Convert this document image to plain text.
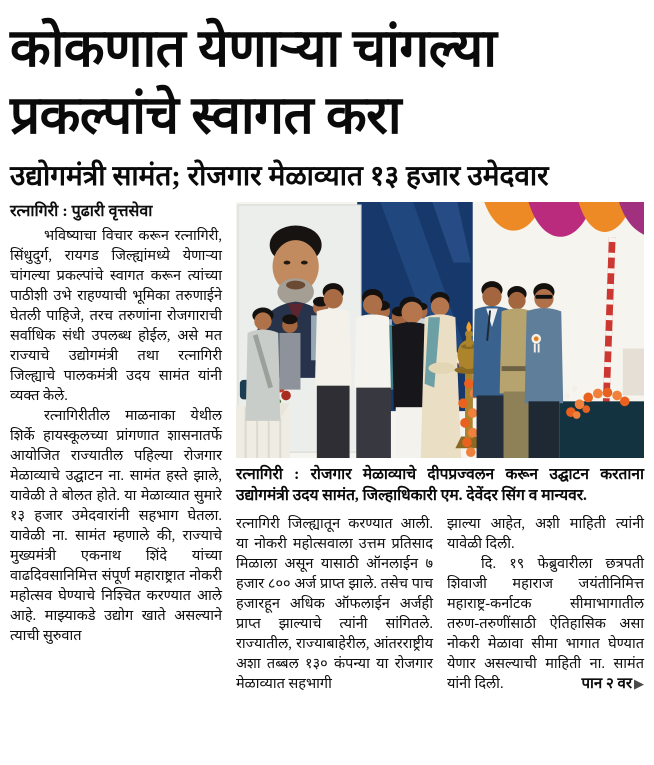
कोकणात येणाऱ्या चांगल्या
प्रकल्पांचे स्वागत करा
उद्योगमंत्री सामंत; रोजगार मेळाव्यात १३ हजार उमेदवार

रत्नागिरी : पुढारी वृत्तसेवा

भविष्याचा विचार करून रत्नागिरी, सिंधुदुर्ग, रायगड जिल्ह्यांमध्ये येणाऱ्या चांगल्या प्रकल्पांचे स्वागत करून त्यांच्या पाठीशी उभे राहण्याची भूमिका तरुणाईने घेतली पाहिजे, तरच तरुणांना रोजगाराची सर्वाधिक संधी उपलब्ध होईल, असे मत राज्याचे उद्योगमंत्री तथा रत्नागिरी जिल्ह्याचे पालकमंत्री उदय सामंत यांनी व्यक्त केले.

रत्नागिरीतील माळनाका येथील शिर्के हायस्कूलच्या प्रांगणात शासनातर्फे आयोजित राज्यातील पहिल्या रोजगार मेळाव्याचे उद्घाटन ना. सामंत हस्ते झाले, यावेळी ते बोलत होते. या मेळाव्यात सुमारे १३ हजार उमेदवारांनी सहभाग घेतला. यावेळी ना. सामंत म्हणाले की, राज्याचे मुख्यमंत्री एकनाथ शिंदे यांच्या वाढदिवसानिमित्त संपूर्ण महाराष्ट्रात नोकरी महोत्सव घेण्याचे निश्चित करण्यात आले आहे. माझ्याकडे उद्योग खाते असल्याने त्याची सुरुवात

रत्नागिरी : रोजगार मेळाव्याचे दीपप्रज्वलन करून उद्घाटन करताना उद्योगमंत्री उदय सामंत, जिल्हाधिकारी एम. देवेंदर सिंग व मान्यवर.

रत्नागिरी जिल्ह्यातून करण्यात आली. या नोकरी महोत्सवाला उत्तम प्रतिसाद मिळाला असून यासाठी ऑनलाईन ७ हजार ८०० अर्ज प्राप्त झाले. तसेच पाच हजारहून अधिक ऑफलाईन अर्जही प्राप्त झाल्याचे त्यांनी सांगितले. राज्यातील, राज्याबाहेरील, आंतरराष्ट्रीय अशा तब्बल १३० कंपन्या या रोजगार मेळाव्यात सहभागी

झाल्या आहेत, अशी माहिती त्यांनी यावेळी दिली.

दि. १९ फेब्रुवारीला छत्रपती शिवाजी महाराज जयंतीनिमित्त महाराष्ट्र-कर्नाटक सीमाभागातील तरुण-तरुणींसाठी ऐतिहासिक असा नोकरी मेळावा सीमा भागात घेण्यात येणार असल्याची माहिती ना. सामंत यांनी दिली.	पान २ वर ▶
